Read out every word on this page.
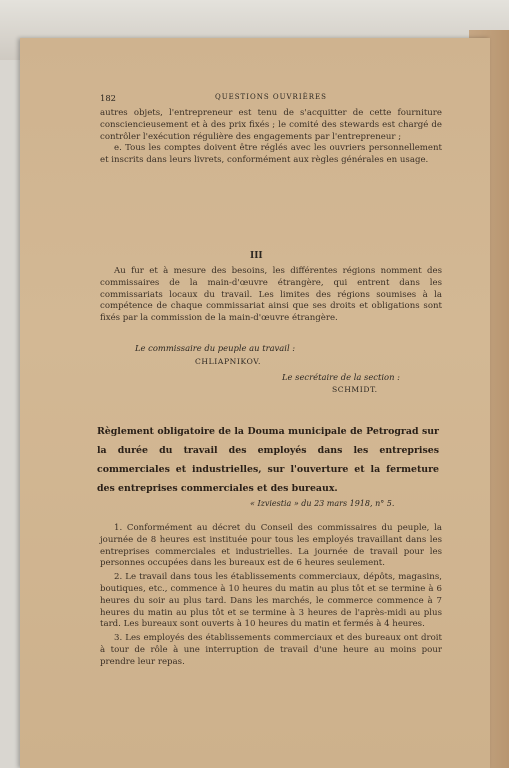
182	QUESTIONS OUVRIÈRES

autres objets, l'entrepreneur est tenu de s'acquitter de cette fourniture consciencieusement et à des prix fixés ; le comité des stewards est chargé de contrôler l'exécution régulière des engagements par l'entrepreneur ;

e. Tous les comptes doivent être réglés avec les ouvriers personnellement et inscrits dans leurs livrets, conformément aux règles générales en usage.

III

Au fur et à mesure des besoins, les différentes régions nomment des commissaires de la main-d'œuvre étrangère, qui entrent dans les commissariats locaux du travail. Les limites des régions soumises à la compétence de chaque commissariat ainsi que ses droits et obligations sont fixés par la commission de la main-d'œuvre étrangère.

Le commissaire du peuple au travail :
CHLIAPNIKOV.
Le secrétaire de la section :
SCHMIDT.
Règlement obligatoire de la Douma municipale de Petrograd sur la durée du travail des employés dans les entreprises commerciales et industrielles, sur l'ouverture et la fermeture des entreprises commerciales et des bureaux.
« Izviestia » du 23 mars 1918, n° 5.

1. Conformément au décret du Conseil des commissaires du peuple, la journée de 8 heures est instituée pour tous les employés travaillant dans les entreprises commerciales et industrielles. La journée de travail pour les personnes occupées dans les bureaux est de 6 heures seulement.

2. Le travail dans tous les établissements commerciaux, dépôts, magasins, boutiques, etc., commence à 10 heures du matin au plus tôt et se termine à 6 heures du soir au plus tard. Dans les marchés, le commerce commence à 7 heures du matin au plus tôt et se termine à 3 heures de l'après-midi au plus tard. Les bureaux sont ouverts à 10 heures du matin et fermés à 4 heures.

3. Les employés des établissements commerciaux et des bureaux ont droit à tour de rôle à une interruption de travail d'une heure au moins pour prendre leur repas.
